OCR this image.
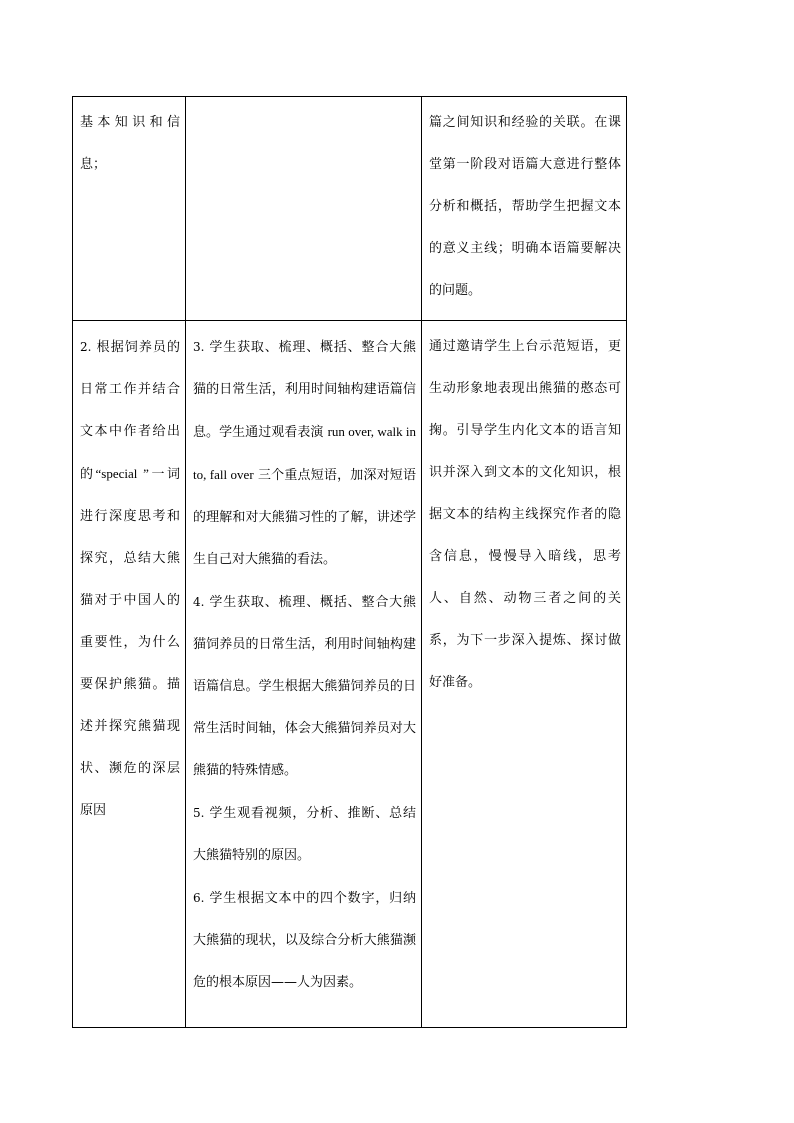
基本知识和信息；		篇之间知识和经验的关联。在课堂第一阶段对语篇大意进行整体分析和概括，帮助学生把握文本的意义主线；明确本语篇要解决的问题。
2. 根据饲养员的日常工作并结合文本中作者给出的“special ”一词进行深度思考和探究，总结大熊猫对于中国人的重要性，为什么要保护熊猫。描述并探究熊猫现状、濒危的深层原因	3. 学生获取、梳理、概括、整合大熊猫的日常生活，利用时间轴构建语篇信息。学生通过观看表演 run over, walk into, fall over 三个重点短语，加深对短语的理解和对大熊猫习性的了解，讲述学生自己对大熊猫的看法。

4. 学生获取、梳理、概括、整合大熊猫饲养员的日常生活，利用时间轴构建语篇信息。学生根据大熊猫饲养员的日常生活时间轴，体会大熊猫饲养员对大熊猫的特殊情感。

5. 学生观看视频，分析、推断、总结大熊猫特别的原因。

6. 学生根据文本中的四个数字，归纳大熊猫的现状，以及综合分析大熊猫濒危的根本原因——人为因素。	通过邀请学生上台示范短语，更生动形象地表现出熊猫的憨态可掬。引导学生内化文本的语言知识并深入到文本的文化知识，根据文本的结构主线探究作者的隐含信息，慢慢导入暗线，思考人、自然、动物三者之间的关系，为下一步深入提炼、探讨做好准备。
